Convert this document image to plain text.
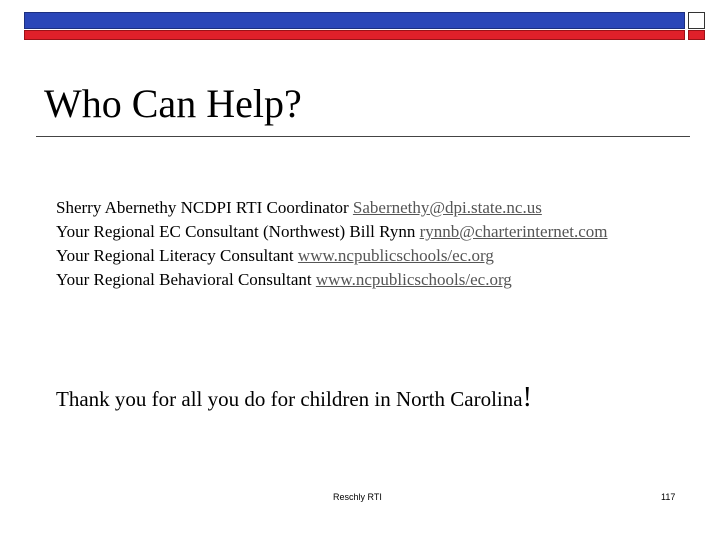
Who Can Help?
Sherry Abernethy NCDPI RTI Coordinator Sabernethy@dpi.state.nc.us
Your Regional EC Consultant (Northwest) Bill Rynn rynnb@charterinternet.com
Your Regional Literacy Consultant www.ncpublicschools/ec.org
Your Regional Behavioral Consultant www.ncpublicschools/ec.org
Thank you for all you do for children in North Carolina!
Reschly RTI	117
